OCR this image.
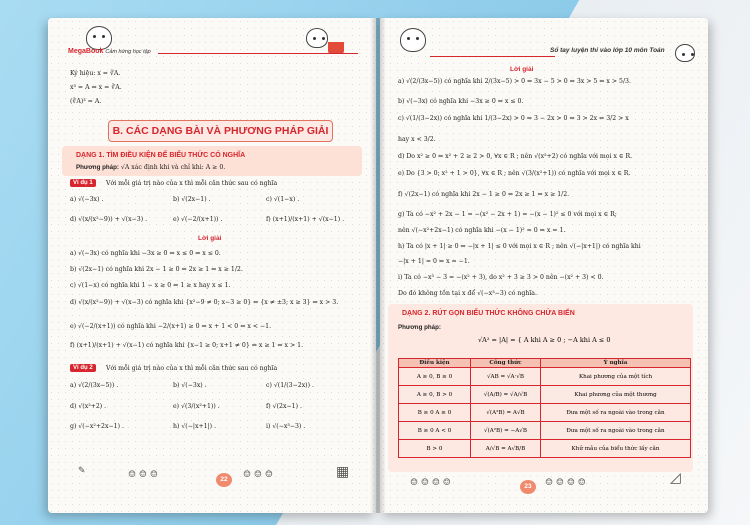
MegaBook Cảm hứng học tập
Ký hiệu: x = ∛A.
x³ = A ⇒ x = ∛A.
(∛A)³ = A.
B. CÁC DẠNG BÀI VÀ PHƯƠNG PHÁP GIẢI
DẠNG 1. TÌM ĐIỀU KIỆN ĐỂ BIỂU THỨC CÓ NGHĨA
Phương pháp: √A xác định khi và chỉ khi: A ≥ 0.
Ví dụ 1	Với mỗi giá trị nào của x thì mỗi căn thức sau có nghĩa
a) √(−3x) .	b) √(2x−1) .	c) √(1−x) .
d) √(x/(x²−9)) + √(x−3) .	e) √(−2/(x+1)) .	f) (x+1)/(x+1) + √(x−1) .
Lời giải
a) √(−3x) có nghĩa khi −3x ≥ 0 ⇔ x ≤ 0 ⇔ x ≤ 0.
b) √(2x−1) có nghĩa khi 2x − 1 ≥ 0 ⇔ 2x ≥ 1 ⇔ x ≥ 1/2.
c) √(1−x) có nghĩa khi 1 − x ≥ 0 ⇔ 1 ≥ x hay x ≤ 1.
d) √(x/(x²−9)) + √(x−3) có nghĩa khi {x²−9 ≠ 0; x−3 ≥ 0} ⇔ {x ≠ ±3; x ≥ 3} ⇒ x > 3.
e) √(−2/(x+1)) có nghĩa khi −2/(x+1) ≥ 0 ⇔ x + 1 < 0 ⇔ x < −1.
f) (x+1)/(x+1) + √(x−1) có nghĩa khi {x−1 ≥ 0; x+1 ≠ 0} ⇔ x ≥ 1 ⇔ x > 1.
Ví dụ 2	Với mỗi giá trị nào của x thì mỗi căn thức sau có nghĩa
a) √(2/(3x−5)) .	b) √(−3x) .	c) √(1/(3−2x)) .
d) √(x²+2) .	e) √(3/(x²+1)) .	f) √(2x−1) .
g) √(−x²+2x−1) .	h) √(−|x+1|) .	i) √(−x³−3) .
✎	☺ ☺ ☺	22	☺ ☺ ☺	▦
Sổ tay luyện thi vào lớp 10 môn Toán
Lời giải
a) √(2/(3x−5)) có nghĩa khi 2/(3x−5) > 0 ⇔ 3x − 5 > 0 ⇔ 3x > 5 ⇔ x > 5/3.
b) √(−3x) có nghĩa khi −3x ≥ 0 ⇔ x ≤ 0.
c) √(1/(3−2x)) có nghĩa khi 1/(3−2x) > 0 ⇔ 3 − 2x > 0 ⇔ 3 > 2x ⇔ 3/2 > x
hay x < 3/2.
d) Do x² ≥ 0 ⇒ x² + 2 ≥ 2 > 0, ∀x ∈ R ; nên √(x²+2) có nghĩa với mọi x ∈ R.
e) Do {3 > 0; x² + 1 > 0}, ∀x ∈ R ; nên √(3/(x²+1)) có nghĩa với mọi x ∈ R.
f) √(2x−1) có nghĩa khi 2x − 1 ≥ 0 ⇔ 2x ≥ 1 ⇔ x ≥ 1/2.
g) Ta có −x² + 2x − 1 = −(x² − 2x + 1) = −(x − 1)² ≤ 0 với mọi x ∈ R;
nên √(−x²+2x−1) có nghĩa khi −(x − 1)² = 0 ⇔ x = 1.
h) Ta có |x + 1| ≥ 0 ⇔ −|x + 1| ≤ 0 với mọi x ∈ R ; nên √(−|x+1|) có nghĩa khi
−|x + 1| = 0 ⇔ x = −1.
i) Ta có −x³ − 3 = −(x² + 3), do x² + 3 ≥ 3 > 0 nên −(x² + 3) < 0.
Do đó không tồn tại x để √(−x³−3) có nghĩa.
DẠNG 2. RÚT GỌN BIỂU THỨC KHÔNG CHỨA BIẾN
Phương pháp:
√A² = |A| = { A khi A ≥ 0 ; −A khi A ≤ 0
Điều kiện	Công thức	Ý nghĩa
A ≥ 0, B ≥ 0	√AB = √A·√B	Khai phương của một tích
A ≥ 0, B > 0	√(A/B) = √A/√B	Khai phương của một thương
B ≥ 0 A ≥ 0	√(A²B) = A√B	Đưa một số ra ngoài vào trong căn
B ≥ 0 A < 0	√(A²B) = −A√B	Đưa một số ra ngoài vào trong căn
B > 0	A/√B = A√B/B	Khử mẫu của biểu thức lấy căn
☺ ☺ ☺ ☺	23	☺ ☺ ☺ ☺	◿
